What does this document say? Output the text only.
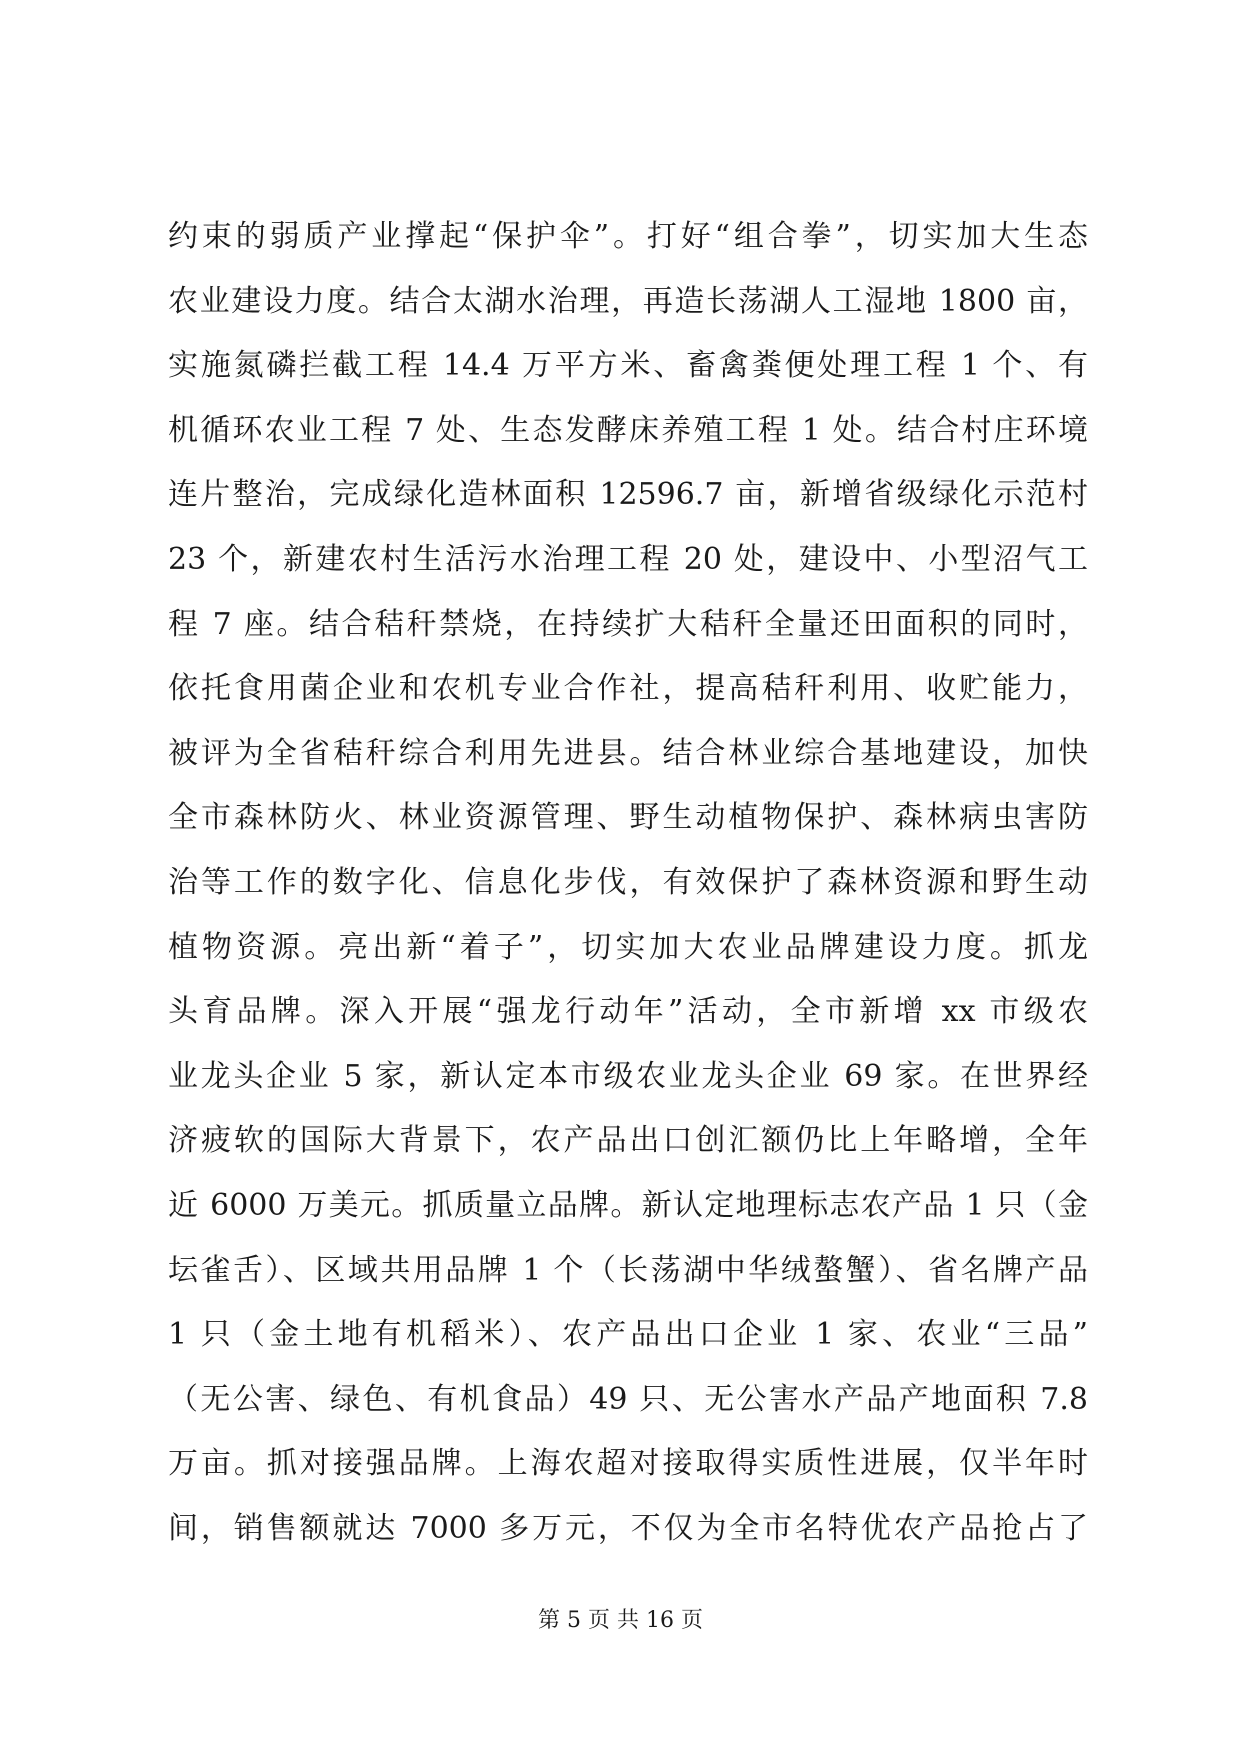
约束的弱质产业撑起“保护伞”。打好“组合拳”，切实加大生态
农业建设力度。结合太湖水治理，再造长荡湖人工湿地 1800 亩，
实施氮磷拦截工程 14.4 万平方米、畜禽粪便处理工程 1 个、有
机循环农业工程 7 处、生态发酵床养殖工程 1 处。结合村庄环境
连片整治，完成绿化造林面积 12596.7 亩，新增省级绿化示范村
23 个，新建农村生活污水治理工程 20 处，建设中、小型沼气工
程 7 座。结合秸秆禁烧，在持续扩大秸秆全量还田面积的同时，
依托食用菌企业和农机专业合作社，提高秸秆利用、收贮能力，
被评为全省秸秆综合利用先进县。结合林业综合基地建设，加快
全市森林防火、林业资源管理、野生动植物保护、森林病虫害防
治等工作的数字化、信息化步伐，有效保护了森林资源和野生动
植物资源。亮出新“着子”，切实加大农业品牌建设力度。抓龙
头育品牌。深入开展“强龙行动年”活动，全市新增 xx 市级农
业龙头企业 5 家，新认定本市级农业龙头企业 69 家。在世界经
济疲软的国际大背景下，农产品出口创汇额仍比上年略增，全年
近 6000 万美元。抓质量立品牌。新认定地理标志农产品 1 只（金
坛雀舌）、区域共用品牌 1 个（长荡湖中华绒螯蟹）、省名牌产品
1 只（金土地有机稻米）、农产品出口企业 1 家、农业“三品”
（无公害、绿色、有机食品）49 只、无公害水产品产地面积 7.8
万亩。抓对接强品牌。上海农超对接取得实质性进展，仅半年时
间，销售额就达 7000 多万元，不仅为全市名特优农产品抢占了
第 5 页 共 16 页
